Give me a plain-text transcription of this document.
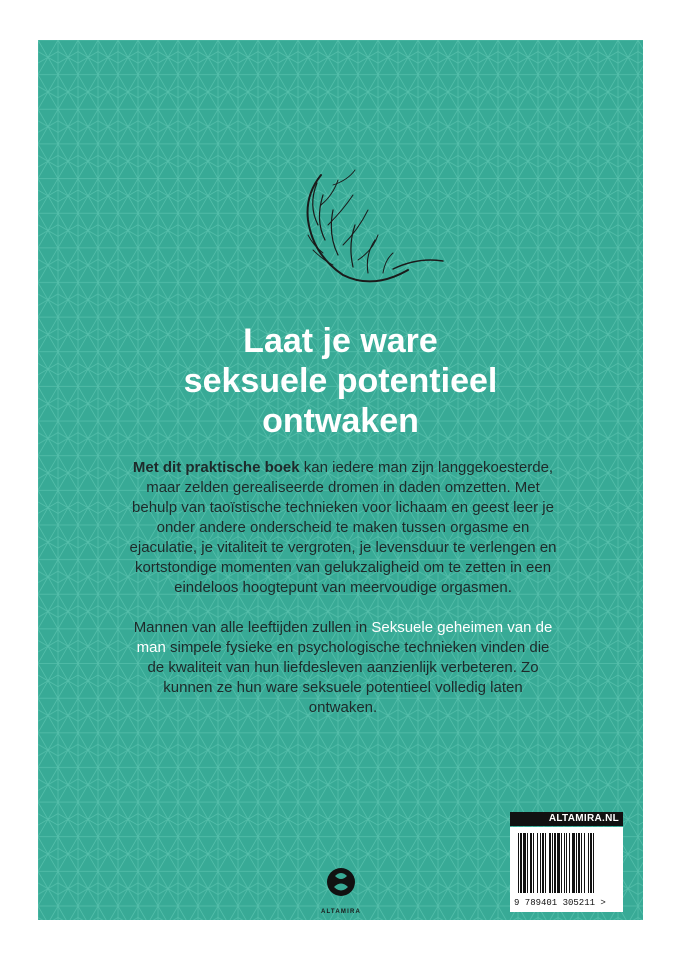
Laat je ware
seksuele potentieel
ontwaken

Met dit praktische boek kan iedere man zijn langgekoesterde, maar zelden gerealiseerde dromen in daden omzetten. Met behulp van taoïstische technieken voor lichaam en geest leer je onder andere onderscheid te maken tussen orgasme en ejaculatie, je vitaliteit te vergroten, je levensduur te verlengen en kortstondige momenten van gelukzaligheid om te zetten in een eindeloos hoogtepunt van meervoudige orgasmen.

Mannen van alle leeftijden zullen in Seksuele geheimen van de man simpele fysieke en psychologische technieken vinden die de kwaliteit van hun liefdesleven aanzienlijk verbeteren. Zo kunnen ze hun ware seksuele potentieel volledig laten ontwaken.

ALTAMIRA.NL
9 789401 305211 >
ALTAMIRA
